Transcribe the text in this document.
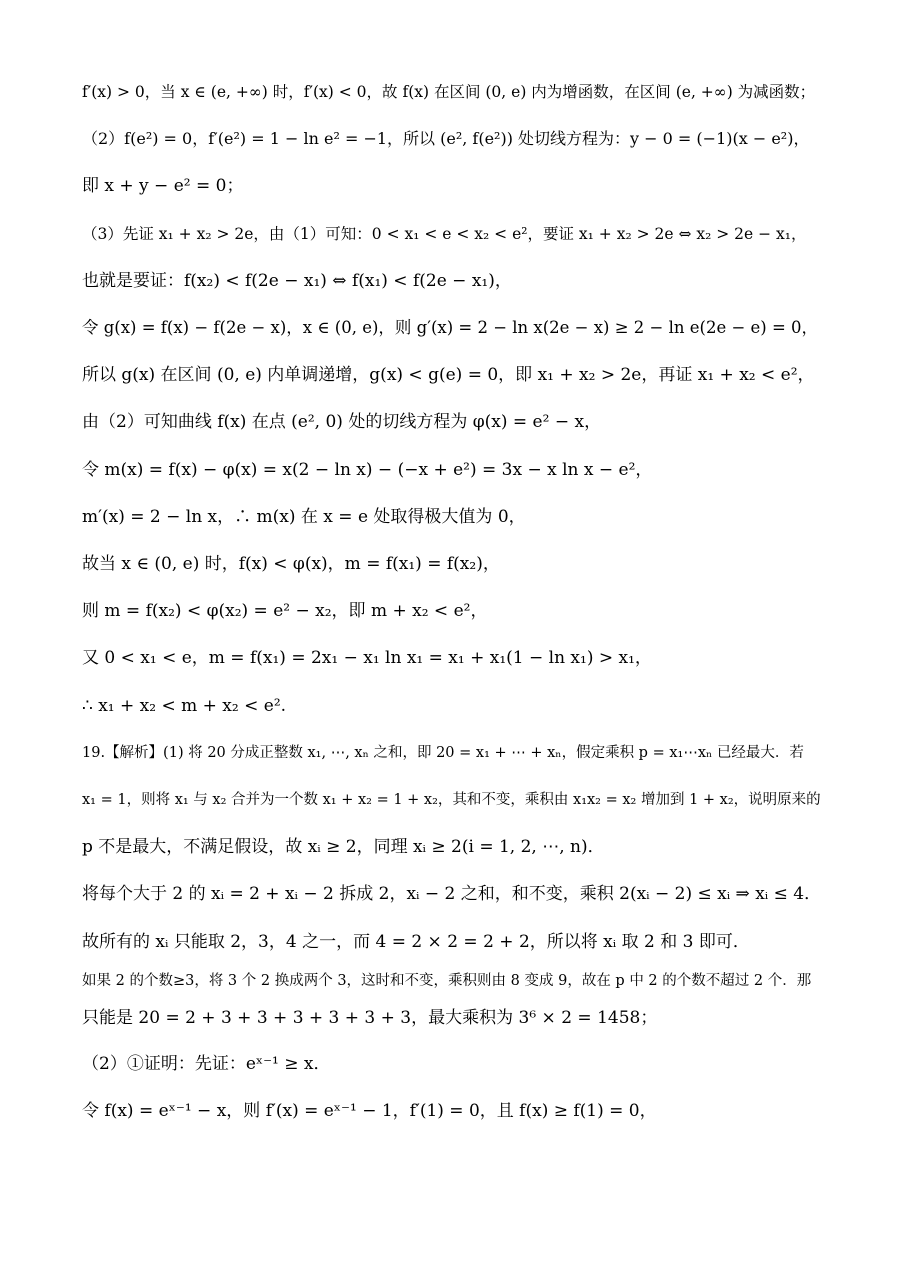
f′(x) > 0，当 x ∈ (e, +∞) 时，f′(x) < 0，故 f(x) 在区间 (0, e) 内为增函数，在区间 (e, +∞) 为减函数；
（2）f(e²) = 0，f′(e²) = 1 − ln e² = −1，所以 (e², f(e²)) 处切线方程为：y − 0 = (−1)(x − e²)，
即 x + y − e² = 0；
（3）先证 x₁ + x₂ > 2e，由（1）可知：0 < x₁ < e < x₂ < e²，要证 x₁ + x₂ > 2e ⇔ x₂ > 2e − x₁，
也就是要证：f(x₂) < f(2e − x₁) ⇔ f(x₁) < f(2e − x₁)，
令 g(x) = f(x) − f(2e − x)，x ∈ (0, e)，则 g′(x) = 2 − ln x(2e − x) ≥ 2 − ln e(2e − e) = 0，
所以 g(x) 在区间 (0, e) 内单调递增，g(x) < g(e) = 0，即 x₁ + x₂ > 2e，再证 x₁ + x₂ < e²，
由（2）可知曲线 f(x) 在点 (e², 0) 处的切线方程为 φ(x) = e² − x，
令 m(x) = f(x) − φ(x) = x(2 − ln x) − (−x + e²) = 3x − x ln x − e²，
m′(x) = 2 − ln x，∴ m(x) 在 x = e 处取得极大值为 0，
故当 x ∈ (0, e) 时，f(x) < φ(x)，m = f(x₁) = f(x₂)，
则 m = f(x₂) < φ(x₂) = e² − x₂，即 m + x₂ < e²，
又 0 < x₁ < e，m = f(x₁) = 2x₁ − x₁ ln x₁ = x₁ + x₁(1 − ln x₁) > x₁，
∴ x₁ + x₂ < m + x₂ < e².
19.【解析】(1) 将 20 分成正整数 x₁, ⋯, xₙ 之和，即 20 = x₁ + ⋯ + xₙ，假定乘积 p = x₁⋯xₙ 已经最大．若
x₁ = 1，则将 x₁ 与 x₂ 合并为一个数 x₁ + x₂ = 1 + x₂，其和不变，乘积由 x₁x₂ = x₂ 增加到 1 + x₂，说明原来的
p 不是最大，不满足假设，故 xᵢ ≥ 2，同理 xᵢ ≥ 2(i = 1, 2, ⋯, n)．
将每个大于 2 的 xᵢ = 2 + xᵢ − 2 拆成 2，xᵢ − 2 之和，和不变，乘积 2(xᵢ − 2) ≤ xᵢ ⇒ xᵢ ≤ 4．
故所有的 xᵢ 只能取 2，3，4 之一，而 4 = 2 × 2 = 2 + 2，所以将 xᵢ 取 2 和 3 即可．
如果 2 的个数≥3，将 3 个 2 换成两个 3，这时和不变，乘积则由 8 变成 9，故在 p 中 2 的个数不超过 2 个．那
只能是 20 = 2 + 3 + 3 + 3 + 3 + 3 + 3，最大乘积为 3⁶ × 2 = 1458；
（2）①证明：先证：eˣ⁻¹ ≥ x．
令 f(x) = eˣ⁻¹ − x，则 f′(x) = eˣ⁻¹ − 1，f′(1) = 0，且 f(x) ≥ f(1) = 0，
